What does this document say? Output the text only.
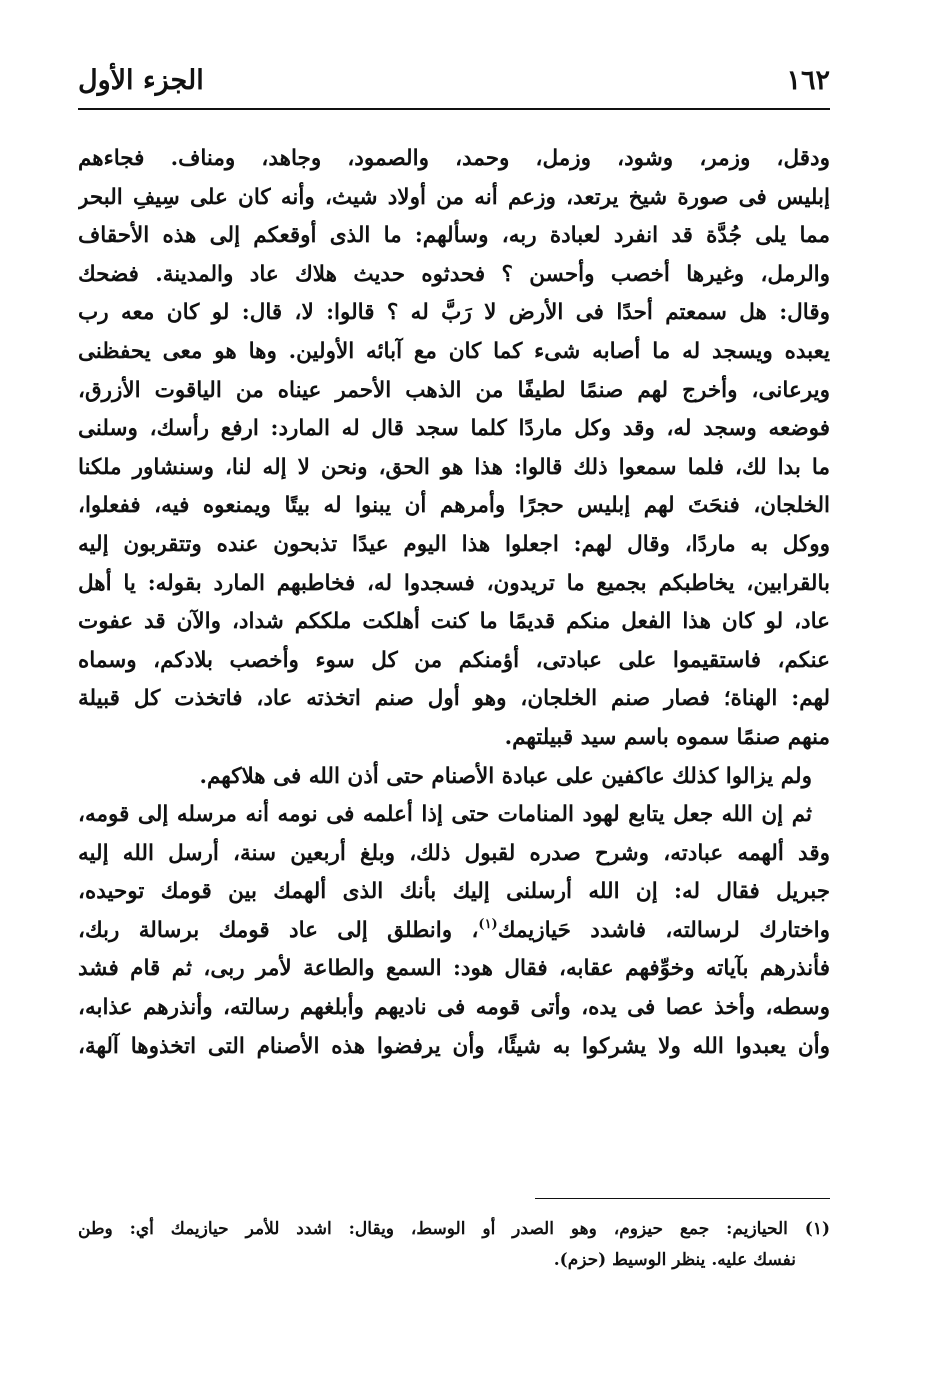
١٦٢
الجزء الأول
ودقل، وزمر، وشود، وزمل، وحمد، والصمود، وجاهد، ومناف. فجاءهم
إبليس فى صورة شيخ يرتعد، وزعم أنه من أولاد شيث، وأنه كان على سِيفِ البحر
مما يلى جُدَّة قد انفرد لعبادة ربه، وسألهم: ما الذى أوقعكم إلى هذه الأحقاف
والرمل، وغيرها أخصب وأحسن ؟ فحدثوه حديث هلاك عاد والمدينة. فضحك
وقال: هل سمعتم أحدًا فى الأرض لا رَبَّ له ؟ قالوا: لا، قال: لو كان معه رب
يعبده ويسجد له ما أصابه شىء كما كان مع آبائه الأولين. وها هو معى يحفظنى
ويرعانى، وأخرج لهم صنمًا لطيفًا من الذهب الأحمر عيناه من الياقوت الأزرق،
فوضعه وسجد له، وقد وكل ماردًا كلما سجد قال له المارد: ارفع رأسك، وسلنى
ما بدا لك، فلما سمعوا ذلك قالوا: هذا هو الحق، ونحن لا إله لنا، وسنشاور ملكنا
الخلجان، فنحَتَ لهم إبليس حجرًا وأمرهم أن يبنوا له بيتًا ويمنعوه فيه، ففعلوا،
ووكل به ماردًا، وقال لهم: اجعلوا هذا اليوم عيدًا تذبحون عنده وتتقربون إليه
بالقرابين، يخاطبكم بجميع ما تريدون، فسجدوا له، فخاطبهم المارد بقوله: يا أهل
عاد، لو كان هذا الفعل منكم قديمًا ما كنت أهلكت ملككم شداد، والآن قد عفوت
عنكم، فاستقيموا على عبادتى، أؤمنكم من كل سوء وأخصب بلادكم، وسماه
لهم: الهناة؛ فصار صنم الخلجان، وهو أول صنم اتخذته عاد، فاتخذت كل قبيلة
منهم صنمًا سموه باسم سيد قبيلتهم.
ولم يزالوا كذلك عاكفين على عبادة الأصنام حتى أذن الله فى هلاكهم.
ثم إن الله جعل يتابع لهود المنامات حتى إذا أعلمه فى نومه أنه مرسله إلى قومه،
وقد ألهمه عبادته، وشرح صدره لقبول ذلك، وبلغ أربعين سنة، أرسل الله إليه
جبريل فقال له: إن الله أرسلنى إليك بأنك الذى ألهمك بين قومك توحيده،
واختارك لرسالته، فاشدد حَيازيمك$^{(١)}$، وانطلق إلى عاد قومك برسالة ربك،
فأنذرهم بآياته وخوِّفهم عقابه، فقال هود: السمع والطاعة لأمر ربى، ثم قام فشد
وسطه، وأخذ عصا فى يده، وأتى قومه فى ناديهم وأبلغهم رسالته، وأنذرهم عذابه،
وأن يعبدوا الله ولا يشركوا به شيئًا، وأن يرفضوا هذه الأصنام التى اتخذوها آلهة،
(١) الحيازيم: جمع حيزوم، وهو الصدر أو الوسط، ويقال: اشدد للأمر حيازيمك أي: وطن
نفسك عليه. ينظر الوسيط (حزم).
